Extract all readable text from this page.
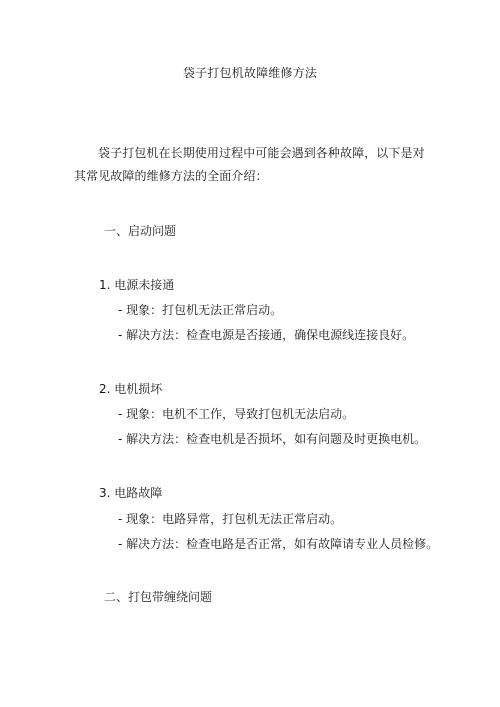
袋子打包机故障维修方法
袋子打包机在长期使用过程中可能会遇到各种故障，以下是对其常见故障的维修方法的全面介绍：
一、启动问题
1. 电源未接通
- 现象：打包机无法正常启动。
- 解决方法：检查电源是否接通，确保电源线连接良好。
2. 电机损坏
- 现象：电机不工作，导致打包机无法启动。
- 解决方法：检查电机是否损坏，如有问题及时更换电机。
3. 电路故障
- 现象：电路异常，打包机无法正常启动。
- 解决方法：检查电路是否正常，如有故障请专业人员检修。
二、打包带缠绕问题
